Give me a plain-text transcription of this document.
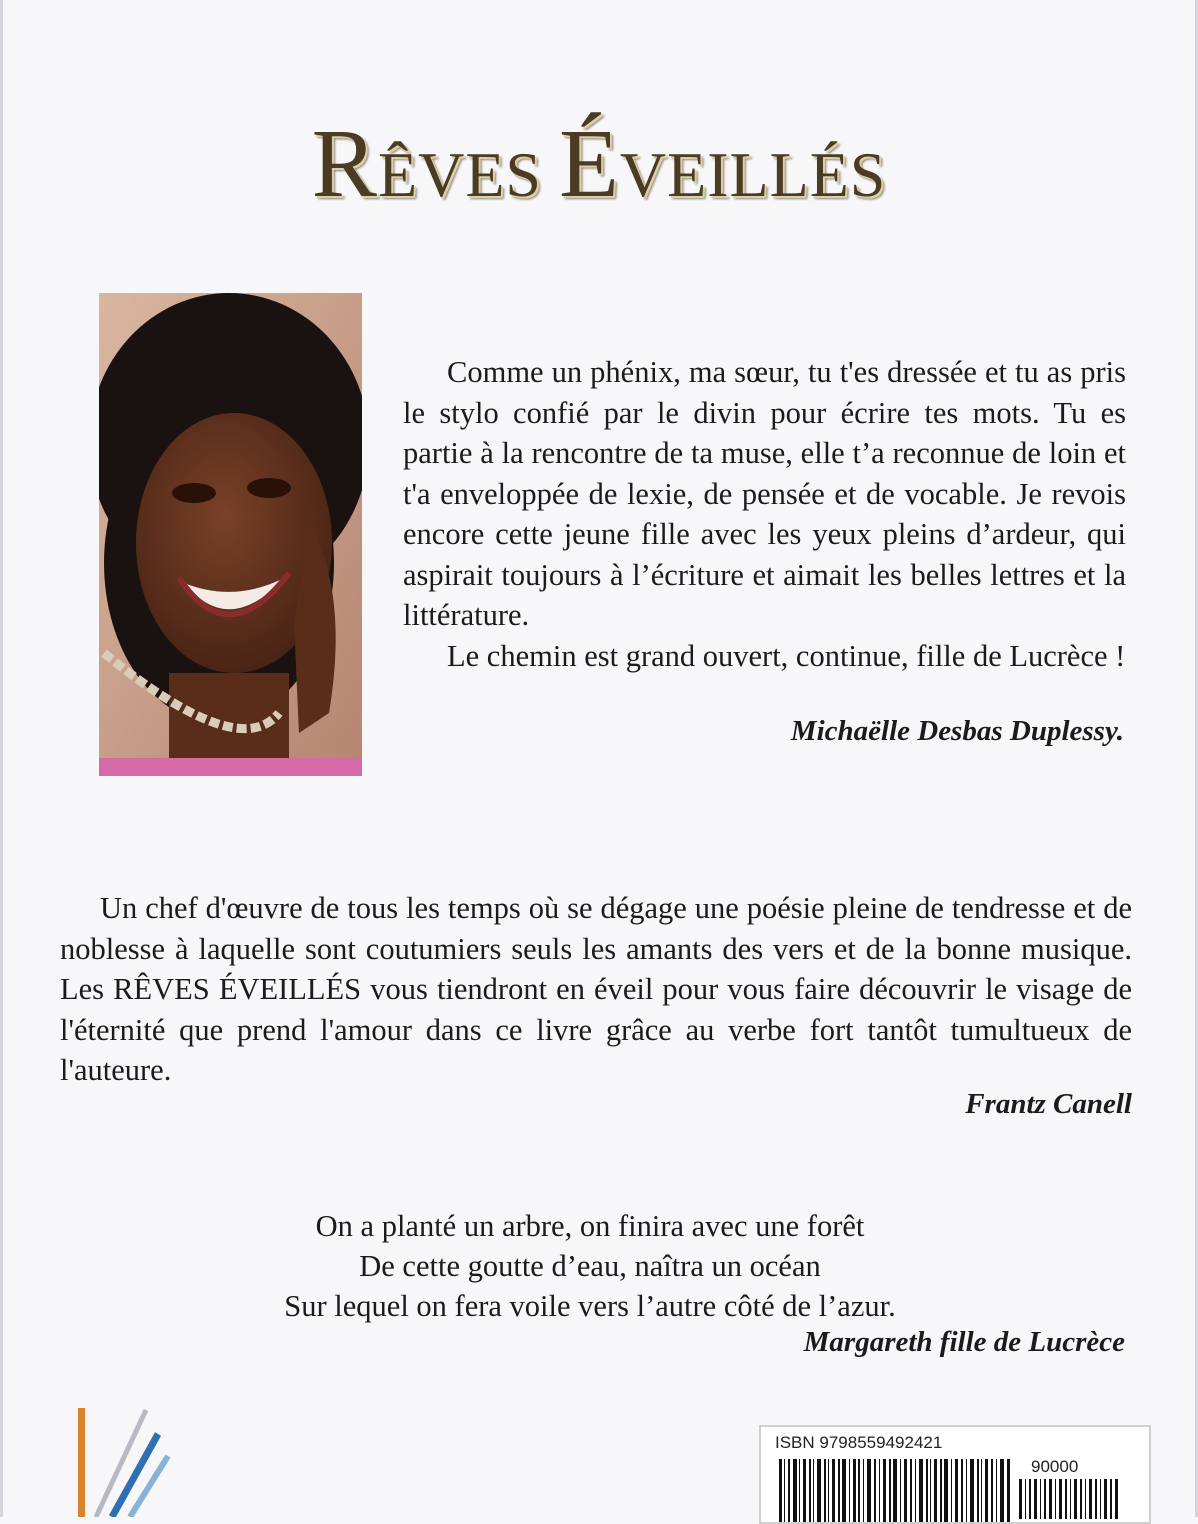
RÊVES ÉVEILLÉS

Comme un phénix, ma sœur, tu t'es dressée et tu as pris le stylo confié par le divin pour écrire tes mots. Tu es partie à la rencontre de ta muse, elle t’a reconnue de loin et t'a enveloppée de lexie, de pensée et de vocable. Je revois encore cette jeune fille avec les yeux pleins d’ardeur, qui aspirait toujours à l’écriture et aimait les belles lettres et la littérature.

Le chemin est grand ouvert, continue, fille de Lucrèce !

Michaëlle Desbas Duplessy.

Un chef d'œuvre de tous les temps où se dégage une poésie pleine de tendresse et de noblesse à laquelle sont coutumiers seuls les amants des vers et de la bonne musique. Les RÊVES ÉVEILLÉS vous tiendront en éveil pour vous faire découvrir le visage de l'éternité que prend l'amour dans ce livre grâce au verbe fort tantôt tumultueux de l'auteure.

Frantz Canell
On a planté un arbre, on finira avec une forêt
De cette goutte d’eau, naîtra un océan
Sur lequel on fera voile vers l’autre côté de l’azur.
Margareth fille de Lucrèce
ISBN 9798559492421
90000
